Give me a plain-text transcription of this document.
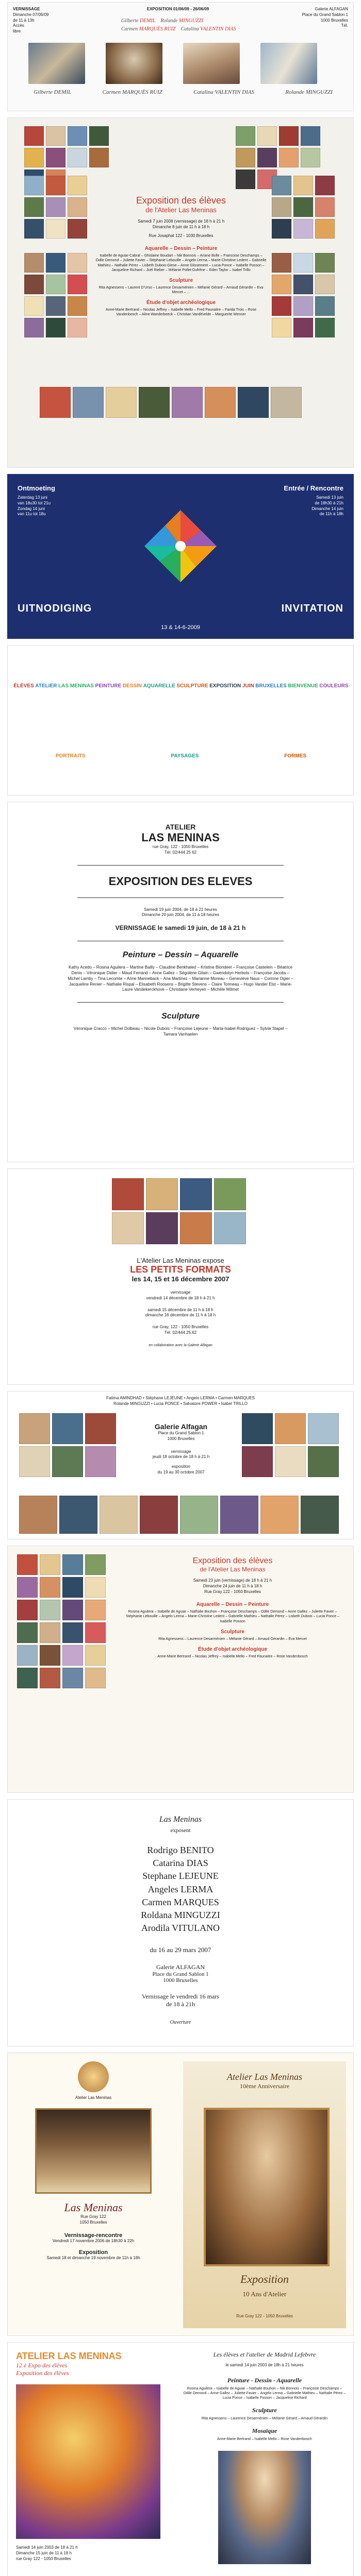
VERNISSAGE
Dimanche 07/06/09
de 11 à 13h
Accès
libre
EXPOSITION 01/06/09 - 26/06/09	Galerie ALFAGAN
Place du Grand Sablon 1
1000 Bruxelles
Tél.
Gilberte DEMIL Rolande MINGUZZI
Carmen MARQUÈS RUIZ Catalina VALENTIN DIAS
Gilberte DEMIL	Carmen MARQUÈS RUIZ	Catalina VALENTIN DIAS	Rolande MINGUZZI
Exposition des élèves
de l'Atelier Las Meninas
Samedi 7 juin 2008 (vernissage) de 18 h à 21 h
Dimanche 8 juin de 11 h à 18 h
Rue Josaphat 122 - 1030 Bruxelles
Aquarelle – Dessin – Peinture
Isabelle de Aguiar-Cabral – Ghislaine Boudart – Nik Bonnois – Ariane Bolle – Francoise Deschamps – Odile Demond – Juliette Favier – Stéphanie Lebouille – Angelo Lerma – Marie-Christine Ledent – Gabrielle Mathieu – Nathalie Pérez – Lisbeth Dubois-Giese – Anne Glissement – Lucia Ponce – Isabelle Posson – Jacqueline Richard – Joël Rieber – Mélanie Pollet-Dufrêne – Eden Taylor – Isabel Trillo
Sculpture
Rita Agnessens – Laurent D'Urso – Laurence Desarménien – Mélanie Gérard – Arnaud Gérardin – Eva Mercet – ...
Étude d'objet archéologique
Anne-Marie Bertrand – Nicolas Jeffrey – Isabelle Mello – Fred Paunaitre – Farida Trois – Rose Vandenbosch – Aline Wanderbeeck – Christian Vandevelde – Marguerite Wenner
Ontmoeting
Zaterdag 13 juni
van 18u30 tot 21u
Zondag 14 juni
van 11u tot 18u
Entrée / Rencontre
Samedi 13 juin
de 18h30 à 21h
Dimanche 14 juin
de 11h à 18h
UITNODIGING	INVITATION
13 & 14-6-2009
ÉLÈVES ATELIER LAS MENINAS PEINTURE DESSIN AQUARELLE SCULPTURE EXPOSITION JUIN BRUXELLES BIENVENUE COULEURS
PORTRAITS	PAYSAGES	FORMES
ATELIER
LAS MENINAS
rue Gray, 122 - 1050 Bruxelles
Tél. 02/444 25 62
EXPOSITION DES ELEVES
Samedi 19 juin 2004, de 18 à 21 heures
Dimanche 20 juin 2004, de 11 à 18 heures
VERNISSAGE le samedi 19 juin, de 18 à 21 h
Peinture – Dessin – Aquarelle
Kathy Acedo – Rosina Aguilera – Martine Bailly – Claudine Benkhaled – Kristine Blondeel – Françoise Castelein – Béatrice Denis – Véronique Didier – Maud Ferrand – Anne Gallez – Ségolène Gilain – Gwendolyn Herbots – Françoise Jacobs – Michel Lamby – Tina Lecomte – Anne Manneback – Ana Martinez – Marianne Moreau – Geneviève Naus – Corinne Ogier – Jacqueline Renier – Nathalie Rispal – Elisabeth Roosens – Brigitte Stevens – Claire Tonneau – Hugo Vander Elst – Marie-Laure Vandekerckhove – Christiane Verheyen – Michèle Wilmet
Sculpture
Véronique Cracco – Michel Dolbeau – Nicole Dubois – Françoise Lejeune – Maria-Isabel Rodriguez – Sylvie Stapel – Tamara Vanhaelen
L'Atelier Las Meninas expose
LES PETITS FORMATS
les 14, 15 et 16 décembre 2007
vernissage
vendredi 14 décembre de 18 h à 21 h
samedi 15 décembre de 11 h à 18 h
dimanche 16 décembre de 11 h à 18 h
rue Gray, 122 - 1050 Bruxelles
Tél. 02/444.25.62
en collaboration avec la Galerie Alfagan
Fatima AMINDHAD • Stéphane LEJEUNE • Angelo LERMA • Carmen MARQUES
Rolande MINGUZZI • Lucia PONCE • Salvatore POWER • Isabel TRILLO
Galerie Alfagan
Place du Grand Sablon 1
1000 Bruxelles
vernissage
jeudi 18 octobre de 18 h à 21 h
exposition
du 19 au 30 octobre 2007
Exposition des élèves
de l'Atelier Las Meninas
Samedi 23 juin (vernissage) de 18 h à 21 h
Dimanche 24 juin de 11 h à 18 h
Rue Gray 122 - 1050 Bruxelles
Aquarelle – Dessin – Peinture
Rosina Aguilera – Isabelle de Aguiar – Nathalie Bouhon – Françoise Deschamps – Odile Demond – Anne Gallez – Juliette Favier – Stéphanie Lebouille – Angelo Lerma – Marie-Christine Ledent – Gabrielle Mathieu – Nathalie Pérez – Lisbeth Dubois – Lucia Ponce – Isabelle Posson
Sculpture
Rita Agnessens – Laurence Desarménien – Mélanie Gérard – Arnaud Gérardin – Eva Mercet
Étude d'objet archéologique
Anne-Marie Bertrand – Nicolas Jeffrey – Isabelle Mello – Fred Paunaitre – Rose Vandenbosch
Las Meninas
exposent
Rodrigo BENITO
Catarina DIAS
Stephane LEJEUNE
Angeles LERMA
Carmen MARQUES
Roldana MINGUZZI
Arodila VITULANO
du 16 au 29 mars 2007
Galerie ALFAGAN
Place du Grand Sablon 1
1000 Bruxelles
Vernissage le vendredi 16 mars
de 18 à 21h
Ouverture
Atelier Las Meninas
Las Meninas
Rue Gray 122
1050 Bruxelles
Vernissage-rencontre
Vendredi 17 novembre 2006 de 18h30 à 22h
Exposition
Samedi 18 et dimanche 19 novembre de 11h à 18h
Atelier Las Meninas
10ème Anniversaire
Exposition
10 Ans d'Atelier
Rue Gray 122 - 1050 Bruxelles
ATELIER LAS MENINAS
12 è Expo des élèves
Exposition des élèves
Samedi 14 juin 2003 de 18 à 21 h
Dimanche 15 juin de 11 à 18 h
rue Gray 122 - 1050 Bruxelles
Les élèves et l'atelier de Madrid Lefebvre
le samedi 14 juin 2003 de 18h à 21 heures
Peinture - Dessin - Aquarelle
Rosina Aguilera – Isabelle de Aguiar – Nathalie Bouhon – Nik Bonnois – Françoise Deschamps – Odile Demond – Anne Gallez – Juliette Favier – Angelo Lerma – Gabrielle Mathieu – Nathalie Pérez – Lucia Ponce – Isabelle Posson – Jacqueline Richard
Sculpture
Rita Agnessens – Laurence Desarménien – Mélanie Gérard – Arnaud Gérardin
Mosaïque
Anne-Marie Bertrand – Isabelle Mello – Rose Vandenbosch
